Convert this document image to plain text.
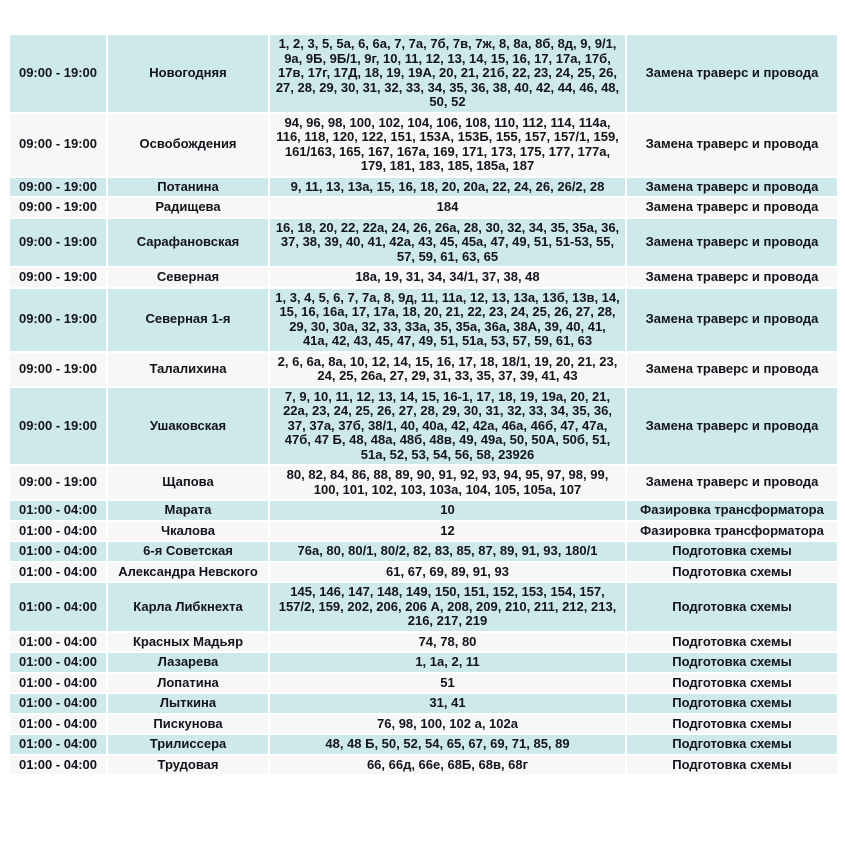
09:00 - 19:00	Новогодняя	1, 2, 3, 5, 5а, 6, 6а, 7, 7а, 7б, 7в, 7ж, 8, 8а, 8б, 8д, 9, 9/1, 9а, 9Б, 9Б/1, 9г, 10, 11, 12, 13, 14, 15, 16, 17, 17а, 17б, 17в, 17г, 17Д, 18, 19, 19А, 20, 21, 21б, 22, 23, 24, 25, 26, 27, 28, 29, 30, 31, 32, 33, 34, 35, 36, 38, 40, 42, 44, 46, 48, 50, 52	Замена траверс и провода
09:00 - 19:00	Освобождения	94, 96, 98, 100, 102, 104, 106, 108, 110, 112, 114, 114а, 116, 118, 120, 122, 151, 153А, 153Б, 155, 157, 157/1, 159, 161/163, 165, 167, 167а, 169, 171, 173, 175, 177, 177а, 179, 181, 183, 185, 185а, 187	Замена траверс и провода
09:00 - 19:00	Потанина	9, 11, 13, 13а, 15, 16, 18, 20, 20а, 22, 24, 26, 26/2, 28	Замена траверс и провода
09:00 - 19:00	Радищева	184	Замена траверс и провода
09:00 - 19:00	Сарафановская	16, 18, 20, 22, 22а, 24, 26, 26а, 28, 30, 32, 34, 35, 35а, 36, 37, 38, 39, 40, 41, 42а, 43, 45, 45а, 47, 49, 51, 51-53, 55, 57, 59, 61, 63, 65	Замена траверс и провода
09:00 - 19:00	Северная	18а, 19, 31, 34, 34/1, 37, 38, 48	Замена траверс и провода
09:00 - 19:00	Северная 1-я	1, 3, 4, 5, 6, 7, 7а, 8, 9д, 11, 11а, 12, 13, 13а, 13б, 13в, 14, 15, 16, 16а, 17, 17а, 18, 20, 21, 22, 23, 24, 25, 26, 27, 28, 29, 30, 30а, 32, 33, 33а, 35, 35а, 36а, 38А, 39, 40, 41, 41а, 42, 43, 45, 47, 49, 51, 51а, 53, 57, 59, 61, 63	Замена траверс и провода
09:00 - 19:00	Талалихина	2, 6, 6а, 8а, 10, 12, 14, 15, 16, 17, 18, 18/1, 19, 20, 21, 23, 24, 25, 26а, 27, 29, 31, 33, 35, 37, 39, 41, 43	Замена траверс и провода
09:00 - 19:00	Ушаковская	7, 9, 10, 11, 12, 13, 14, 15, 16-1, 17, 18, 19, 19а, 20, 21, 22а, 23, 24, 25, 26, 27, 28, 29, 30, 31, 32, 33, 34, 35, 36, 37, 37а, 37б, 38/1, 40, 40а, 42, 42а, 46а, 46б, 47, 47а, 47б, 47 Б, 48, 48а, 48б, 48в, 49, 49а, 50, 50А, 50б, 51, 51а, 52, 53, 54, 56, 58, 23926	Замена траверс и провода
09:00 - 19:00	Щапова	80, 82, 84, 86, 88, 89, 90, 91, 92, 93, 94, 95, 97, 98, 99, 100, 101, 102, 103, 103а, 104, 105, 105а, 107	Замена траверс и провода
01:00 - 04:00	Марата	10	Фазировка трансформатора
01:00 - 04:00	Чкалова	12	Фазировка трансформатора
01:00 - 04:00	6-я Советская	76а, 80, 80/1, 80/2, 82, 83, 85, 87, 89, 91, 93, 180/1	Подготовка схемы
01:00 - 04:00	Александра Невского	61, 67, 69, 89, 91, 93	Подготовка схемы
01:00 - 04:00	Карла Либкнехта	145, 146, 147, 148, 149, 150, 151, 152, 153, 154, 157, 157/2, 159, 202, 206, 206 А, 208, 209, 210, 211, 212, 213, 216, 217, 219	Подготовка схемы
01:00 - 04:00	Красных Мадьяр	74, 78, 80	Подготовка схемы
01:00 - 04:00	Лазарева	1, 1а, 2, 11	Подготовка схемы
01:00 - 04:00	Лопатина	51	Подготовка схемы
01:00 - 04:00	Лыткина	31, 41	Подготовка схемы
01:00 - 04:00	Пискунова	76, 98, 100, 102 а, 102а	Подготовка схемы
01:00 - 04:00	Трилиссера	48, 48 Б, 50, 52, 54, 65, 67, 69, 71, 85, 89	Подготовка схемы
01:00 - 04:00	Трудовая	66, 66д, 66е, 68Б, 68в, 68г	Подготовка схемы
